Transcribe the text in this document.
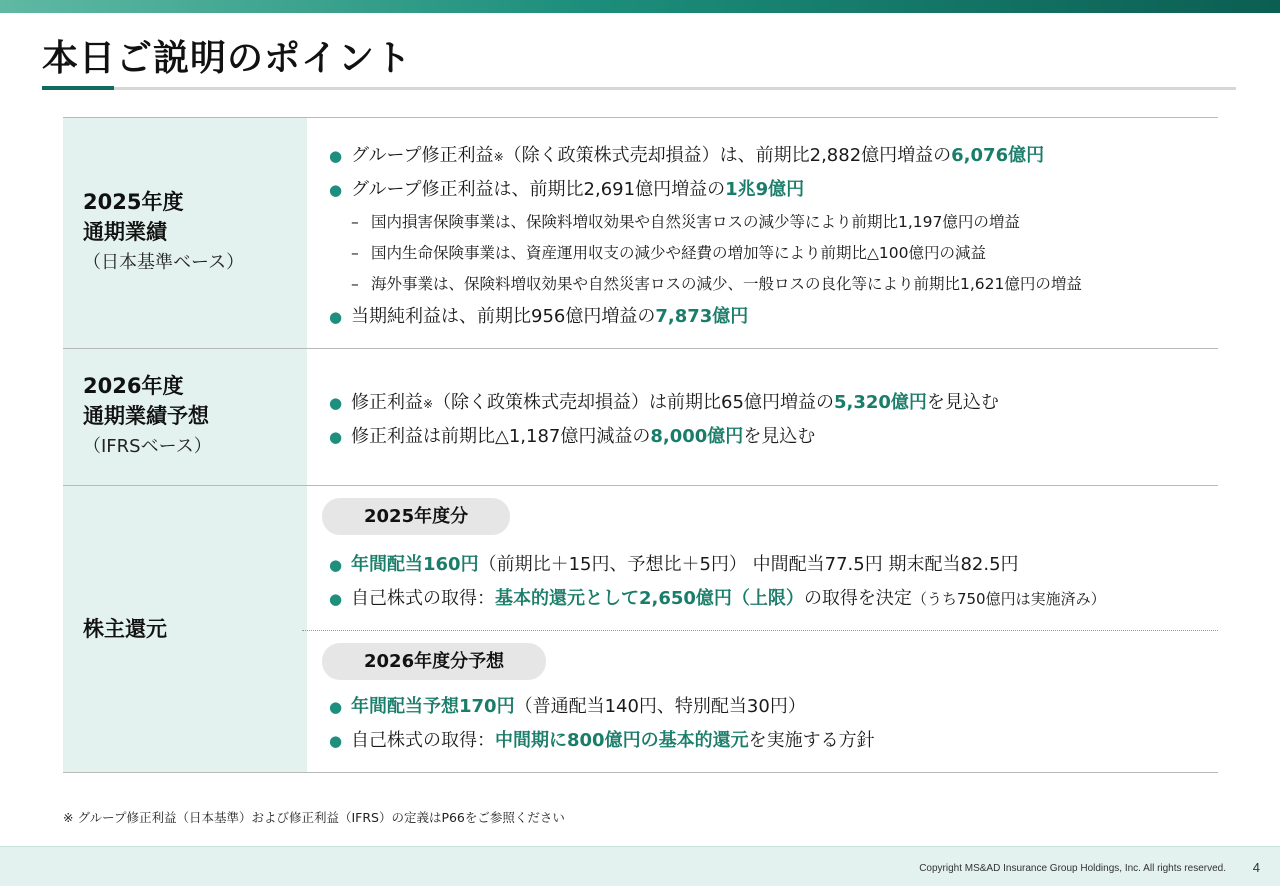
本日ご説明のポイント
2025年度
通期業績
（日本基準ベース）
● グループ修正利益 ※ （除く政策株式売却損益）は、前期比2,882億円増益の 6,076億円
● グループ修正利益は、前期比2,691億円増益の 1兆9億円
– 国内損害保険事業は、保険料増収効果や自然災害ロスの減少等により前期比1,197億円の増益
– 国内生命保険事業は、資産運用収支の減少や経費の増加等により前期比△100億円の減益
– 海外事業は、保険料増収効果や自然災害ロスの減少、一般ロスの良化等により前期比1,621億円の増益
● 当期純利益は、前期比956億円増益の 7,873億円
2026年度
通期業績予想
（IFRSベース）
● 修正利益 ※ （除く政策株式売却損益）は前期比65億円増益の 5,320億円 を見込む
● 修正利益は前期比△1,187億円減益の 8,000億円 を見込む
株主還元
2025年度分
● 年間配当160円 （前期比＋15円、予想比＋5円） 中間配当77.5円 期末配当82.5円
● 自己株式の取得： 基本的還元として2,650億円（上限） の取得を決定 （うち750億円は実施済み）
2026年度分予想
● 年間配当予想170円 （普通配当140円、特別配当30円）
● 自己株式の取得： 中間期に800億円の基本的還元 を実施する方針
※ グループ修正利益（日本基準）および修正利益（IFRS）の定義はP66をご参照ください
Copyright MS&AD Insurance Group Holdings, Inc. All rights reserved. 4
